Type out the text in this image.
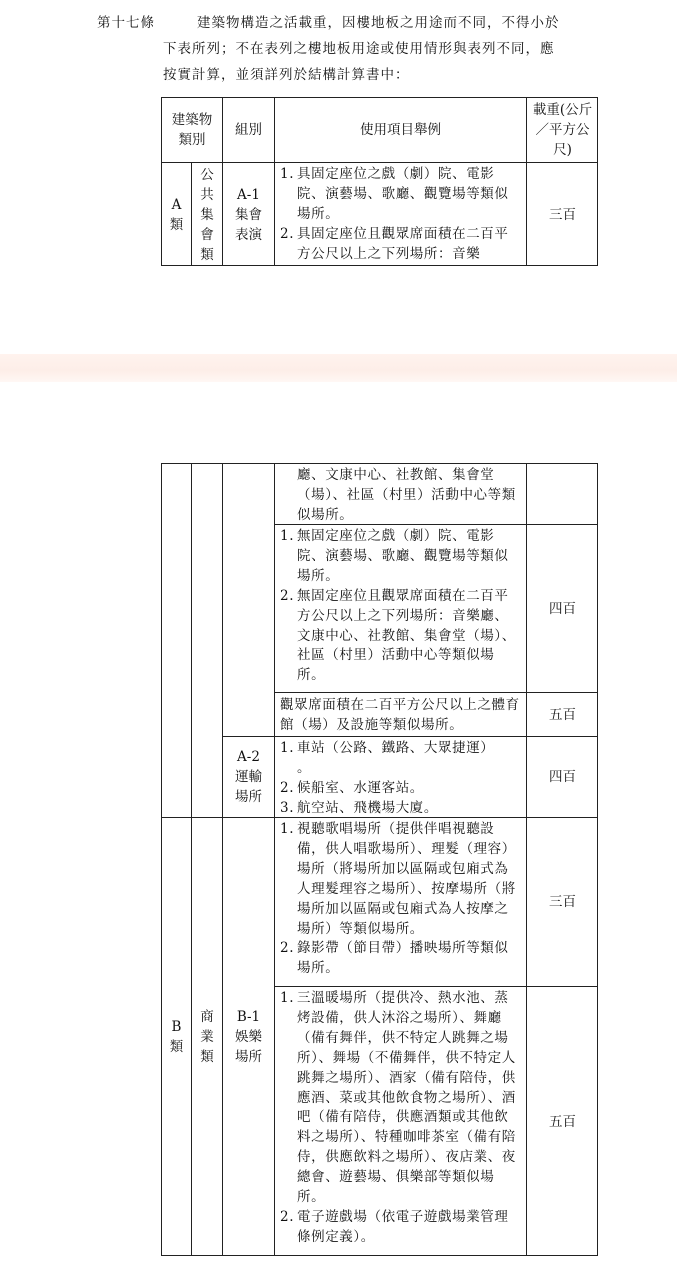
第十七條	建築物構造之活載重，因樓地板之用途而不同，不得小於
下表所列；不在表列之樓地板用途或使用情形與表列不同，應
按實計算，並須詳列於結構計算書中：
建築物類別
組別	使用項目舉例
載重(公斤／平方公尺)
A類
公共集會類
A-1
集會表演
1. 具固定座位之戲（劇）院、電影院、演藝場、歌廳、觀覽場等類似場所。
2. 具固定座位且觀眾席面積在二百平方公尺以上之下列場所：音樂
三百
廳、文康中心、社教館、集會堂（場）、社區（村里）活動中心等類似場所。
1. 無固定座位之戲（劇）院、電影院、演藝場、歌廳、觀覽場等類似場所。
2. 無固定座位且觀眾席面積在二百平方公尺以上之下列場所：音樂廳、文康中心、社教館、集會堂（場）、社區（村里）活動中心等類似場所。
四百
觀眾席面積在二百平方公尺以上之體育館（場）及設施等類似場所。
五百
A-2
運輸場所
1. 車站（公路、鐵路、大眾捷運）
。
2. 候船室、水運客站。
3. 航空站、飛機場大廈。
四百
B類
商業類
B-1
娛樂場所
1. 視聽歌唱場所（提供伴唱視聽設備，供人唱歌場所）、理髮（理容）場所（將場所加以區隔或包廂式為人理髮理容之場所）、按摩場所（將場所加以區隔或包廂式為人按摩之場所）等類似場所。
2. 錄影帶（節目帶）播映場所等類似場所。
三百
1. 三溫暖場所（提供冷、熱水池、蒸烤設備，供人沐浴之場所）、舞廳（備有舞伴，供不特定人跳舞之場所）、舞場（不備舞伴，供不特定人跳舞之場所）、酒家（備有陪侍，供應酒、菜或其他飲食物之場所）、酒吧（備有陪侍，供應酒類或其他飲料之場所）、特種咖啡茶室（備有陪侍，供應飲料之場所）、夜店業、夜總會、遊藝場、俱樂部等類似場所。
2. 電子遊戲場（依電子遊戲場業管理條例定義）。
五百
